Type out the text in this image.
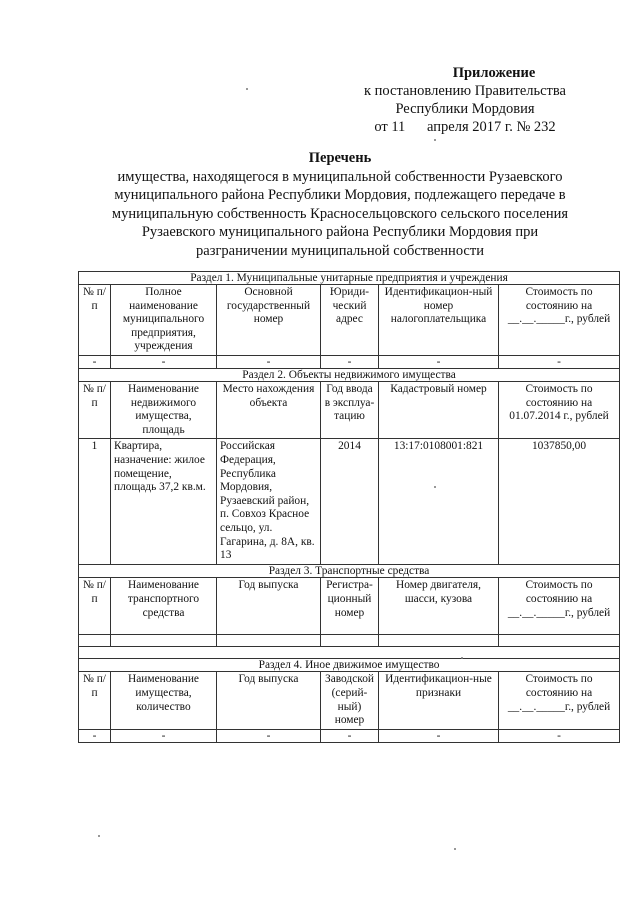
Приложение
к постановлению Правительства
Республики Мордовия
от 11      апреля 2017 г. № 232
Перечень
имущества, находящегося в муниципальной собственности Рузаевского
муниципального района Республики Мордовия, подлежащего передаче в
муниципальную собственность Красносельцовского сельского поселения
Рузаевского муниципального района Республики Мордовия при
разграничении муниципальной собственности
Раздел 1. Муниципальные унитарные предприятия и учреждения					
№ п/п	Полное наименование муниципального предприятия, учреждения	Основной государственный номер	Юриди-ческий адрес	Идентификацион-ный номер налогоплательщика	Стоимость по состоянию на __.__._____г., рублей
-	-	-	-	-	-
Раздел 2. Объекты недвижимого имущества					
№ п/п	Наименование недвижимого имущества, площадь	Место нахождения объекта	Год ввода в эксплуа-тацию	Кадастровый номер	Стоимость по состоянию на 01.07.2014 г., рублей
1	Квартира, назначение: жилое помещение, площадь 37,2 кв.м.	Российская Федерация, Республика Мордовия, Рузаевский район, п. Совхоз Красное сельцо, ул. Гагарина, д. 8А, кв. 13	2014	13:17:0108001:821	1037850,00
Раздел 3. Транспортные средства					
№ п/п	Наименование транспортного средства	Год выпуска	Регистра-ционный номер	Номер двигателя, шасси, кузова	Стоимость по состоянию на __.__._____г., рублей

Раздел 4. Иное движимое имущество					
№ п/п	Наименование имущества, количество	Год выпуска	Заводской (серий-ный) номер	Идентификацион-ные признаки	Стоимость по состоянию на __.__._____г., рублей
-	-	-	-	-	-
